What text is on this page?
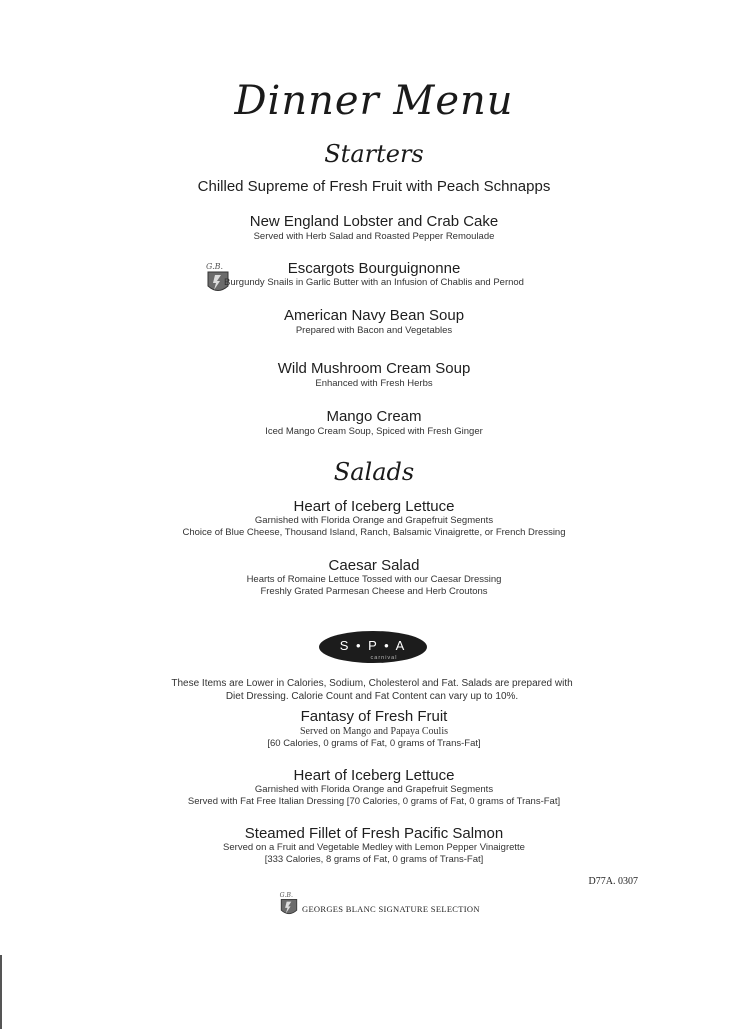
Dinner Menu
Starters
Chilled Supreme of Fresh Fruit with Peach Schnapps
New England Lobster and Crab Cake
Served with Herb Salad and Roasted Pepper Remoulade
G.B.	Escargots Bourguignonne
Burgundy Snails in Garlic Butter with an Infusion of Chablis and Pernod
American Navy Bean Soup
Prepared with Bacon and Vegetables
Wild Mushroom Cream Soup
Enhanced with Fresh Herbs
Mango Cream
Iced Mango Cream Soup, Spiced with Fresh Ginger
Salads
Heart of Iceberg Lettuce
Garnished with Florida Orange and Grapefruit Segments
Choice of Blue Cheese, Thousand Island, Ranch, Balsamic Vinaigrette, or French Dressing
Caesar Salad
Hearts of Romaine Lettuce Tossed with our Caesar Dressing
Freshly Grated Parmesan Cheese and Herb Croutons
S • P • A
carnival
These Items are Lower in Calories, Sodium, Cholesterol and Fat. Salads are prepared with
Diet Dressing. Calorie Count and Fat Content can vary up to 10%.
Fantasy of Fresh Fruit
Served on Mango and Papaya Coulis
[60 Calories, 0 grams of Fat, 0 grams of Trans-Fat]
Heart of Iceberg Lettuce
Garnished with Florida Orange and Grapefruit Segments
Served with Fat Free Italian Dressing [70 Calories, 0 grams of Fat, 0 grams of Trans-Fat]
Steamed Fillet of Fresh Pacific Salmon
Served on a Fruit and Vegetable Medley with Lemon Pepper Vinaigrette
[333 Calories, 8 grams of Fat, 0 grams of Trans-Fat]
D77A. 0307
G.B.
GEORGES BLANC SIGNATURE SELECTION
